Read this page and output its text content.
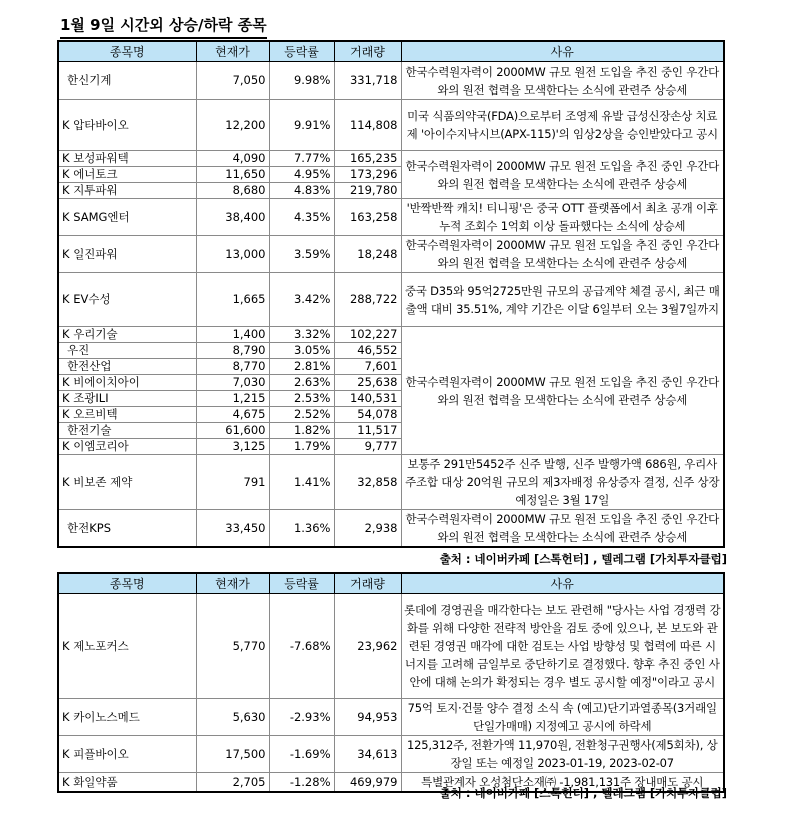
1월 9일 시간외 상승/하락 종목
종목명	현재가	등락률	거래량	사유
한신기계	7,050	9.98%	331,718	한국수력원자력이 2000MW 규모 원전 도입을 추진 중인 우간다와의 원전 협력을 모색한다는 소식에 관련주 상승세
K 압타바이오	12,200	9.91%	114,808	미국 식품의약국(FDA)으로부터 조영제 유발 급성신장손상 치료제 '아이수지낙시브(APX-115)'의 임상2상을 승인받았다고 공시
K 보성파워텍	4,090	7.77%	165,235	한국수력원자력이 2000MW 규모 원전 도입을 추진 중인 우간다와의 원전 협력을 모색한다는 소식에 관련주 상승세
K 에너토크	11,650	4.95%	173,296	
K 지투파워	8,680	4.83%	219,780	
K SAMG엔터	38,400	4.35%	163,258	'반짝반짝 캐치! 티니핑'은 중국 OTT 플랫폼에서 최초 공개 이후 누적 조회수 1억회 이상 돌파했다는 소식에 상승세
K 일진파워	13,000	3.59%	18,248	한국수력원자력이 2000MW 규모 원전 도입을 추진 중인 우간다와의 원전 협력을 모색한다는 소식에 관련주 상승세
K EV수성	1,665	3.42%	288,722	중국 D35와 95억2725만원 규모의 공급계약 체결 공시, 최근 매출액 대비 35.51%, 계약 기간은 이달 6일부터 오는 3월7일까지
K 우리기술	1,400	3.32%	102,227	한국수력원자력이 2000MW 규모 원전 도입을 추진 중인 우간다와의 원전 협력을 모색한다는 소식에 관련주 상승세
우진	8,790	3.05%	46,552	
한전산업	8,770	2.81%	7,601	
K 비에이치아이	7,030	2.63%	25,638	
K 조광ILI	1,215	2.53%	140,531	
K 오르비텍	4,675	2.52%	54,078	
한전기술	61,600	1.82%	11,517	
K 이엠코리아	3,125	1.79%	9,777	
K 비보존 제약	791	1.41%	32,858	보통주 291만5452주 신주 발행, 신주 발행가액 686원, 우리사주조합 대상 20억원 규모의 제3자배정 유상증자 결정, 신주 상장예정일은 3월 17일
한전KPS	33,450	1.36%	2,938	한국수력원자력이 2000MW 규모 원전 도입을 추진 중인 우간다와의 원전 협력을 모색한다는 소식에 관련주 상승세
출처 : 네이버카페 [스톡헌터] , 텔레그램 [가치투자클럽]
종목명	현재가	등락률	거래량	사유
K 제노포커스	5,770	-7.68%	23,962	롯데에 경영권을 매각한다는 보도 관련해 "당사는 사업 경쟁력 강화를 위해 다양한 전략적 방안을 검토 중에 있으나, 본 보도와 관련된 경영권 매각에 대한 검토는 사업 방향성 및 협력에 따른 시너지를 고려해 금일부로 중단하기로 결정했다. 향후 추진 중인 사안에 대해 논의가 확정되는 경우 별도 공시할 예정"이라고 공시
K 카이노스메드	5,630	-2.93%	94,953	75억 토지·건물 양수 결정 소식 속 (예고)단기과열종목(3거래일 단일가매매) 지정예고 공시에 하락세
K 피플바이오	17,500	-1.69%	34,613	125,312주, 전환가액 11,970원, 전환청구권행사(제5회차), 상장일 또는 예정일 2023-01-19, 2023-02-07
K 화일약품	2,705	-1.28%	469,979	특별관계자 오성첨단소재㈜ -1,981,131주 장내매도 공시
출처 : 네이버카페 [스톡헌터] , 텔레그램 [가치투자클럽]
